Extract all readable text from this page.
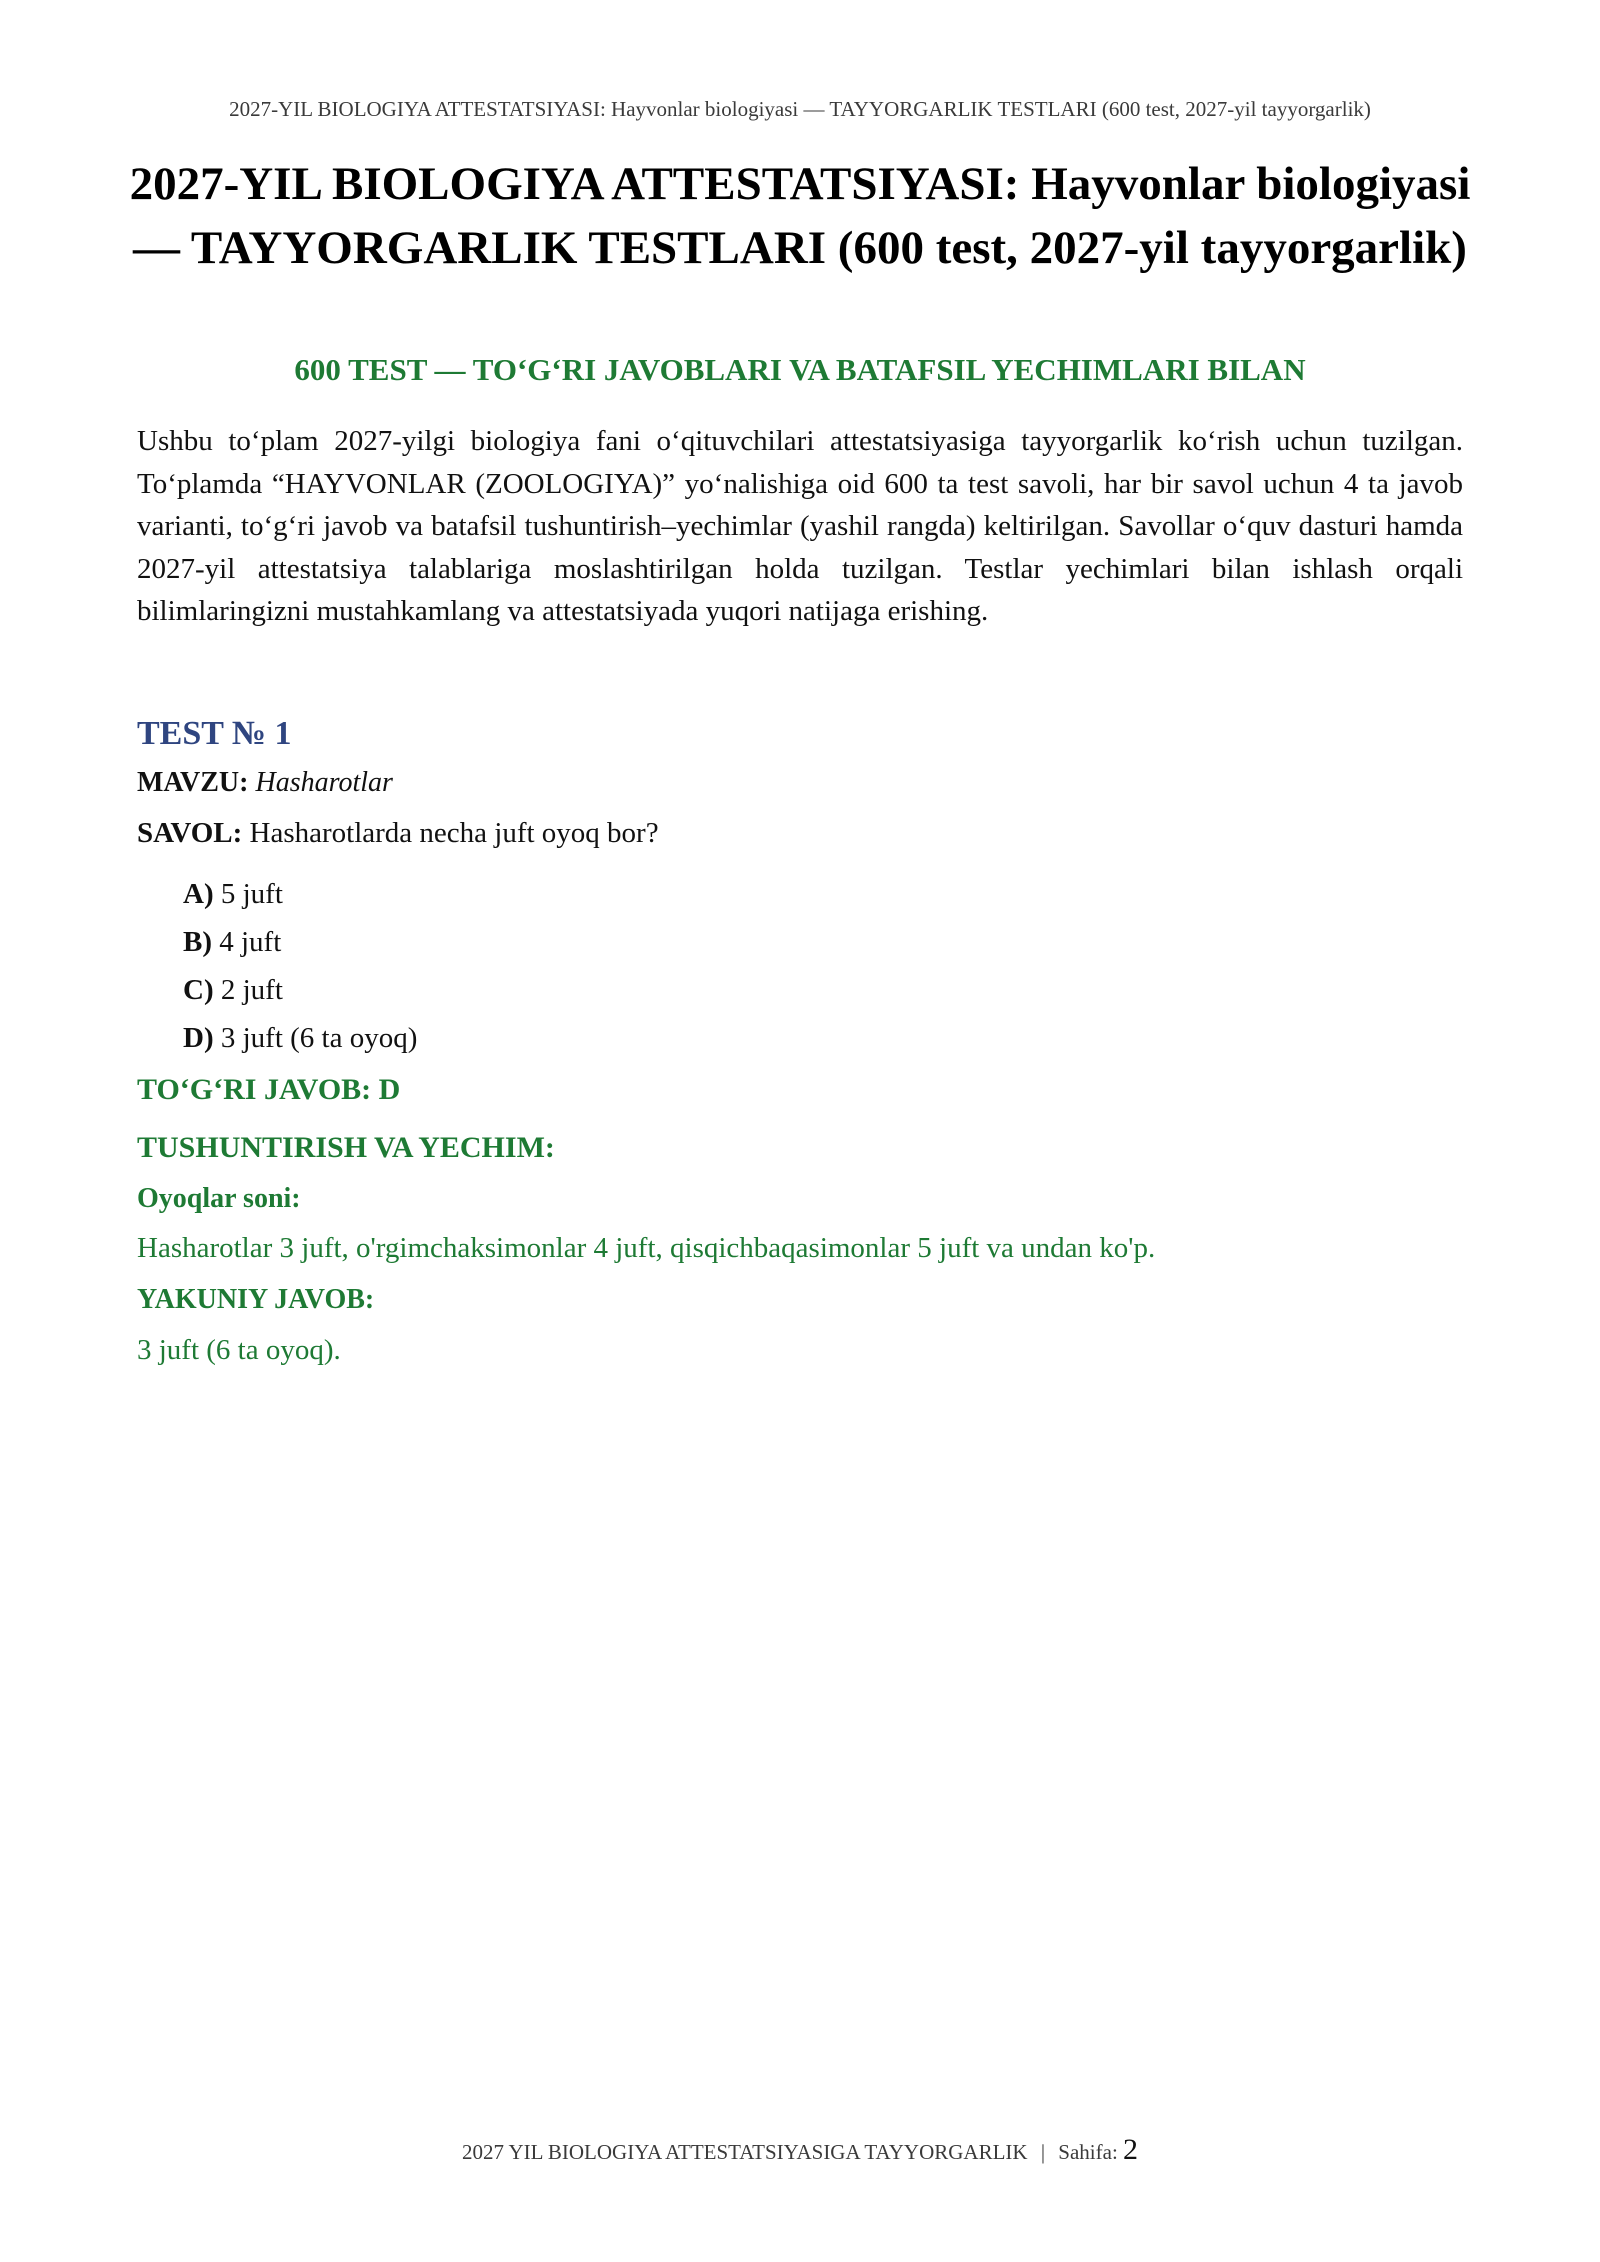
2027-YIL BIOLOGIYA ATTESTATSIYASI: Hayvonlar biologiyasi — TAYYORGARLIK TESTLARI (600 test, 2027-yil tayyorgarlik)
2027-YIL BIOLOGIYA ATTESTATSIYASI: Hayvonlar biologiyasi — TAYYORGARLIK TESTLARI (600 test, 2027-yil tayyorgarlik)
600 TEST — TO‘G‘RI JAVOBLARI VA BATAFSIL YECHIMLARI BILAN

Ushbu to‘plam 2027-yilgi biologiya fani o‘qituvchilari attestatsiyasiga tayyorgarlik ko‘rish uchun tuzilgan. To‘plamda “HAYVONLAR (ZOOLOGIYA)” yo‘nalishiga oid 600 ta test savoli, har bir savol uchun 4 ta javob varianti, to‘g‘ri javob va batafsil tushuntirish–yechimlar (yashil rangda) keltirilgan. Savollar o‘quv dasturi hamda 2027-yil attestatsiya talablariga moslashtirilgan holda tuzilgan. Testlar yechimlari bilan ishlash orqali bilimlaringizni mustahkamlang va attestatsiyada yuqori natijaga erishing.

TEST № 1
MAVZU: Hasharotlar
SAVOL: Hasharotlarda necha juft oyoq bor?
A) 5 juft
B) 4 juft
C) 2 juft
D) 3 juft (6 ta oyoq)
TO‘G‘RI JAVOB: D
TUSHUNTIRISH VA YECHIM:
Oyoqlar soni:
Hasharotlar 3 juft, o'rgimchaksimonlar 4 juft, qisqichbaqasimonlar 5 juft va undan ko'p.
YAKUNIY JAVOB:
3 juft (6 ta oyoq).
2027 YIL BIOLOGIYA ATTESTATSIYASIGA TAYYORGARLIK | Sahifa: 2
